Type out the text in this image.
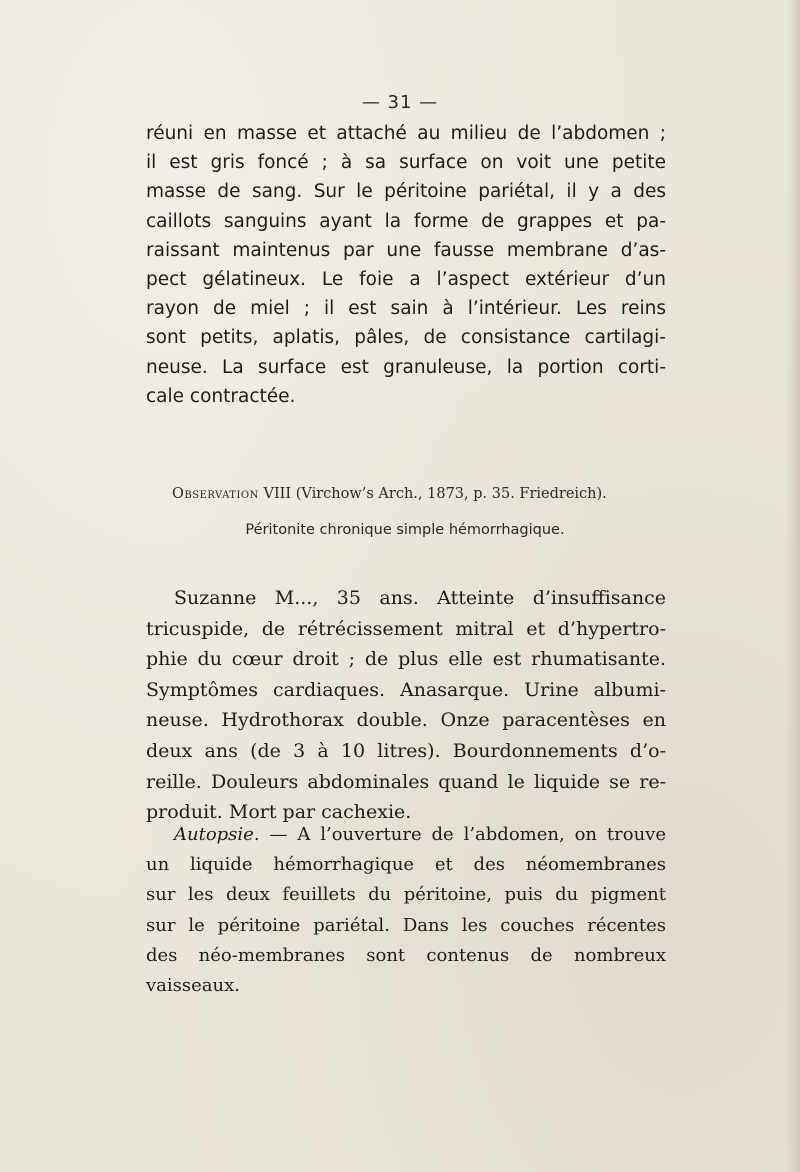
— 31 —
réuni en masse et attaché au milieu de l’abdomen ;
il est gris foncé ; à sa surface on voit une petite
masse de sang. Sur le péritoine pariétal, il y a des
caillots sanguins ayant la forme de grappes et pa-
raissant maintenus par une fausse membrane d’as-
pect gélatineux. Le foie a l’aspect extérieur d’un
rayon de miel ; il est sain à l’intérieur. Les reins
sont petits, aplatis, pâles, de consistance cartilagi-
neuse. La surface est granuleuse, la portion corti-
cale contractée.
Observation VIII (Virchow’s Arch., 1873, p. 35. Friedreich).
Péritonite chronique simple hémorrhagique.
Suzanne M..., 35 ans. Atteinte d’insuffisance
tricuspide, de rétrécissement mitral et d’hypertro-
phie du cœur droit ; de plus elle est rhumatisante.
Symptômes cardiaques. Anasarque. Urine albumi-
neuse. Hydrothorax double. Onze paracentèses en
deux ans (de 3 à 10 litres). Bourdonnements d’o-
reille. Douleurs abdominales quand le liquide se re-
produit. Mort par cachexie.
Autopsie. — A l’ouverture de l’abdomen, on trouve
un liquide hémorrhagique et des néomembranes
sur les deux feuillets du péritoine, puis du pigment
sur le péritoine pariétal. Dans les couches récentes
des néo-membranes sont contenus de nombreux
vaisseaux.
